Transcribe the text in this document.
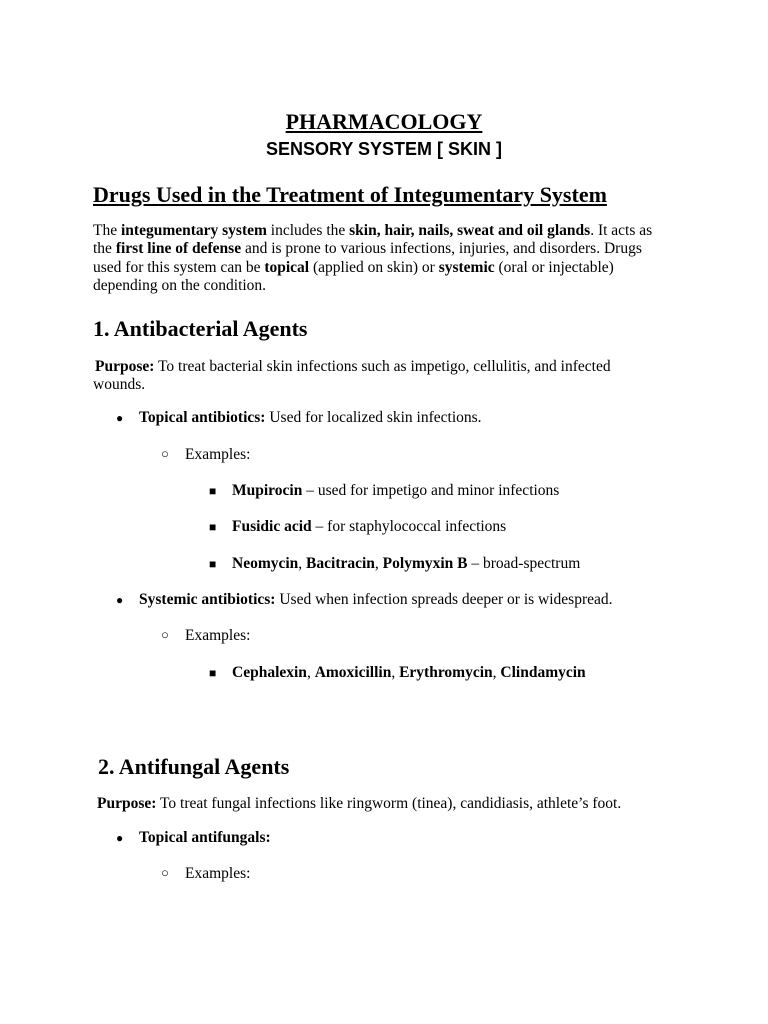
PHARMACOLOGY
SENSORY SYSTEM [ SKIN ]
Drugs Used in the Treatment of Integumentary System
The integumentary system includes the skin, hair, nails, sweat and oil glands. It acts as the first line of defense and is prone to various infections, injuries, and disorders. Drugs used for this system can be topical (applied on skin) or systemic (oral or injectable) depending on the condition.
1. Antibacterial Agents
Purpose: To treat bacterial skin infections such as impetigo, cellulitis, and infected
wounds.
● Topical antibiotics: Used for localized skin infections.
○ Examples:
■ Mupirocin – used for impetigo and minor infections
■ Fusidic acid – for staphylococcal infections
■ Neomycin, Bacitracin, Polymyxin B – broad-spectrum
● Systemic antibiotics: Used when infection spreads deeper or is widespread.
○ Examples:
■ Cephalexin, Amoxicillin, Erythromycin, Clindamycin
2. Antifungal Agents
Purpose: To treat fungal infections like ringworm (tinea), candidiasis, athlete’s foot.
● Topical antifungals:
○ Examples:
